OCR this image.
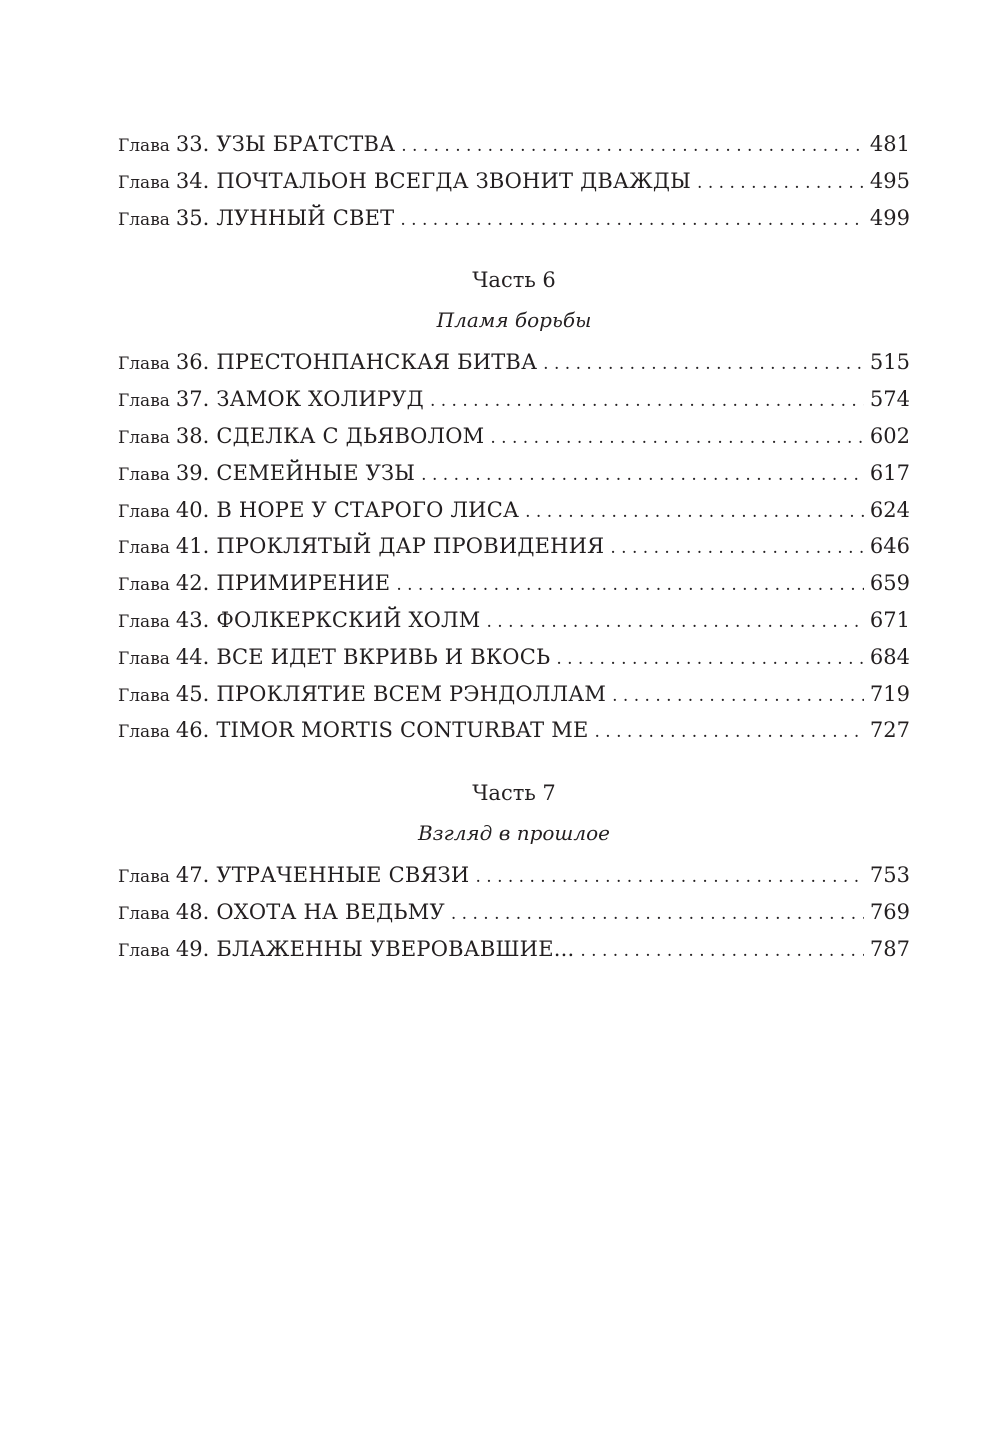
Глава 33. УЗЫ БРАТСТВА . . .	481
Глава 34. ПОЧТАЛЬОН ВСЕГДА ЗВОНИТ ДВАЖДЫ . . .	495
Глава 35. ЛУННЫЙ СВЕТ . . .	499

Часть 6

Пламя борьбы

Глава 36. ПРЕСТОНПАНСКАЯ БИТВА . . .	515
Глава 37. ЗАМОК ХОЛИРУД . . .	574
Глава 38. СДЕЛКА С ДЬЯВОЛОМ . . .	602
Глава 39. СЕМЕЙНЫЕ УЗЫ . . .	617
Глава 40. В НОРЕ У СТАРОГО ЛИСА . . .	624
Глава 41. ПРОКЛЯТЫЙ ДАР ПРОВИДЕНИЯ . . .	646
Глава 42. ПРИМИРЕНИЕ . . .	659
Глава 43. ФОЛКЕРКСКИЙ ХОЛМ . . .	671
Глава 44. ВСЕ ИДЕТ ВКРИВЬ И ВКОСЬ . . .	684
Глава 45. ПРОКЛЯТИЕ ВСЕМ РЭНДОЛЛАМ . . .	719
Глава 46. TIMOR MORTIS CONTURBAT ME . . .	727

Часть 7

Взгляд в прошлое

Глава 47. УТРАЧЕННЫЕ СВЯЗИ . . .	753
Глава 48. ОХОТА НА ВЕДЬМУ . . .	769
Глава 49. БЛАЖЕННЫ УВЕРОВАВШИЕ... . . .	787
